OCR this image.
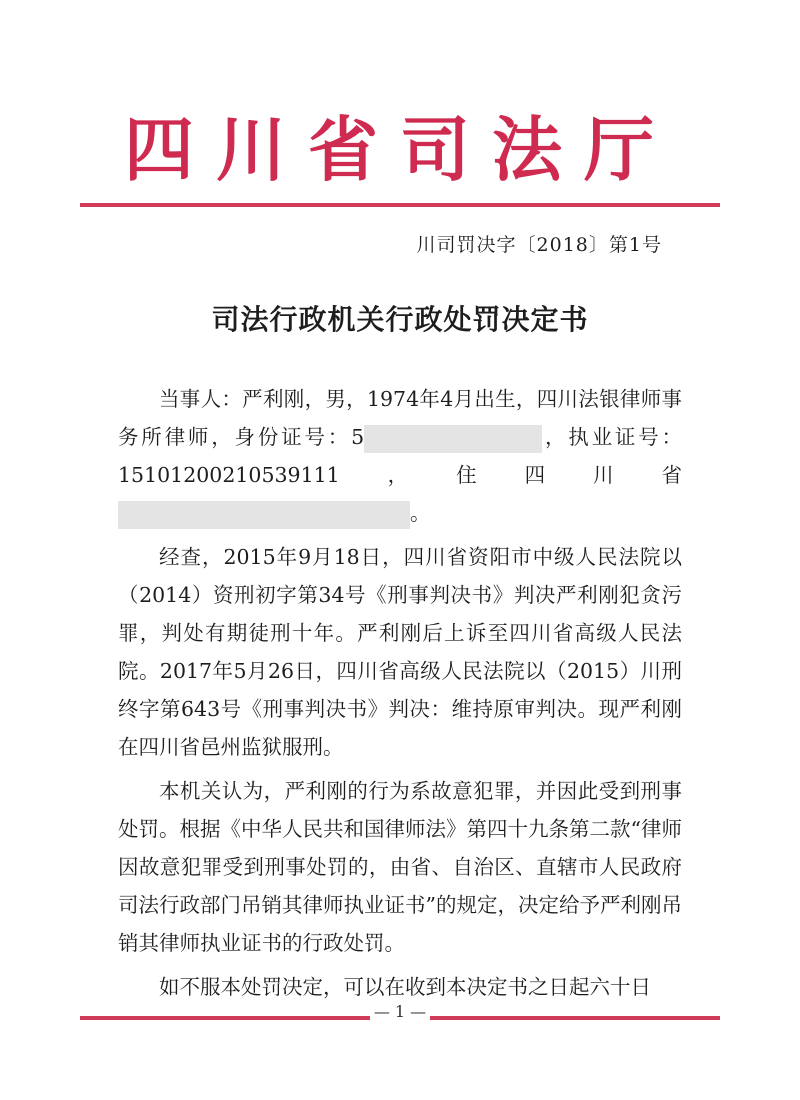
四川省司法厅
川司罚决字〔2018〕第1号
司法行政机关行政处罚决定书

当事人：严利刚，男，1974年4月出生，四川法银律师事务所律师，身份证号：5	，执业证号：15101200210539111，住四川省。

经查，2015年9月18日，四川省资阳市中级人民法院以（2014）资刑初字第34号《刑事判决书》判决严利刚犯贪污罪，判处有期徒刑十年。严利刚后上诉至四川省高级人民法院。2017年5月26日，四川省高级人民法院以（2015）川刑终字第643号《刑事判决书》判决：维持原审判决。现严利刚在四川省邑州监狱服刑。

本机关认为，严利刚的行为系故意犯罪，并因此受到刑事处罚。根据《中华人民共和国律师法》第四十九条第二款“律师因故意犯罪受到刑事处罚的，由省、自治区、直辖市人民政府司法行政部门吊销其律师执业证书”的规定，决定给予严利刚吊销其律师执业证书的行政处罚。

如不服本处罚决定，可以在收到本决定书之日起六十日

— 1 —
